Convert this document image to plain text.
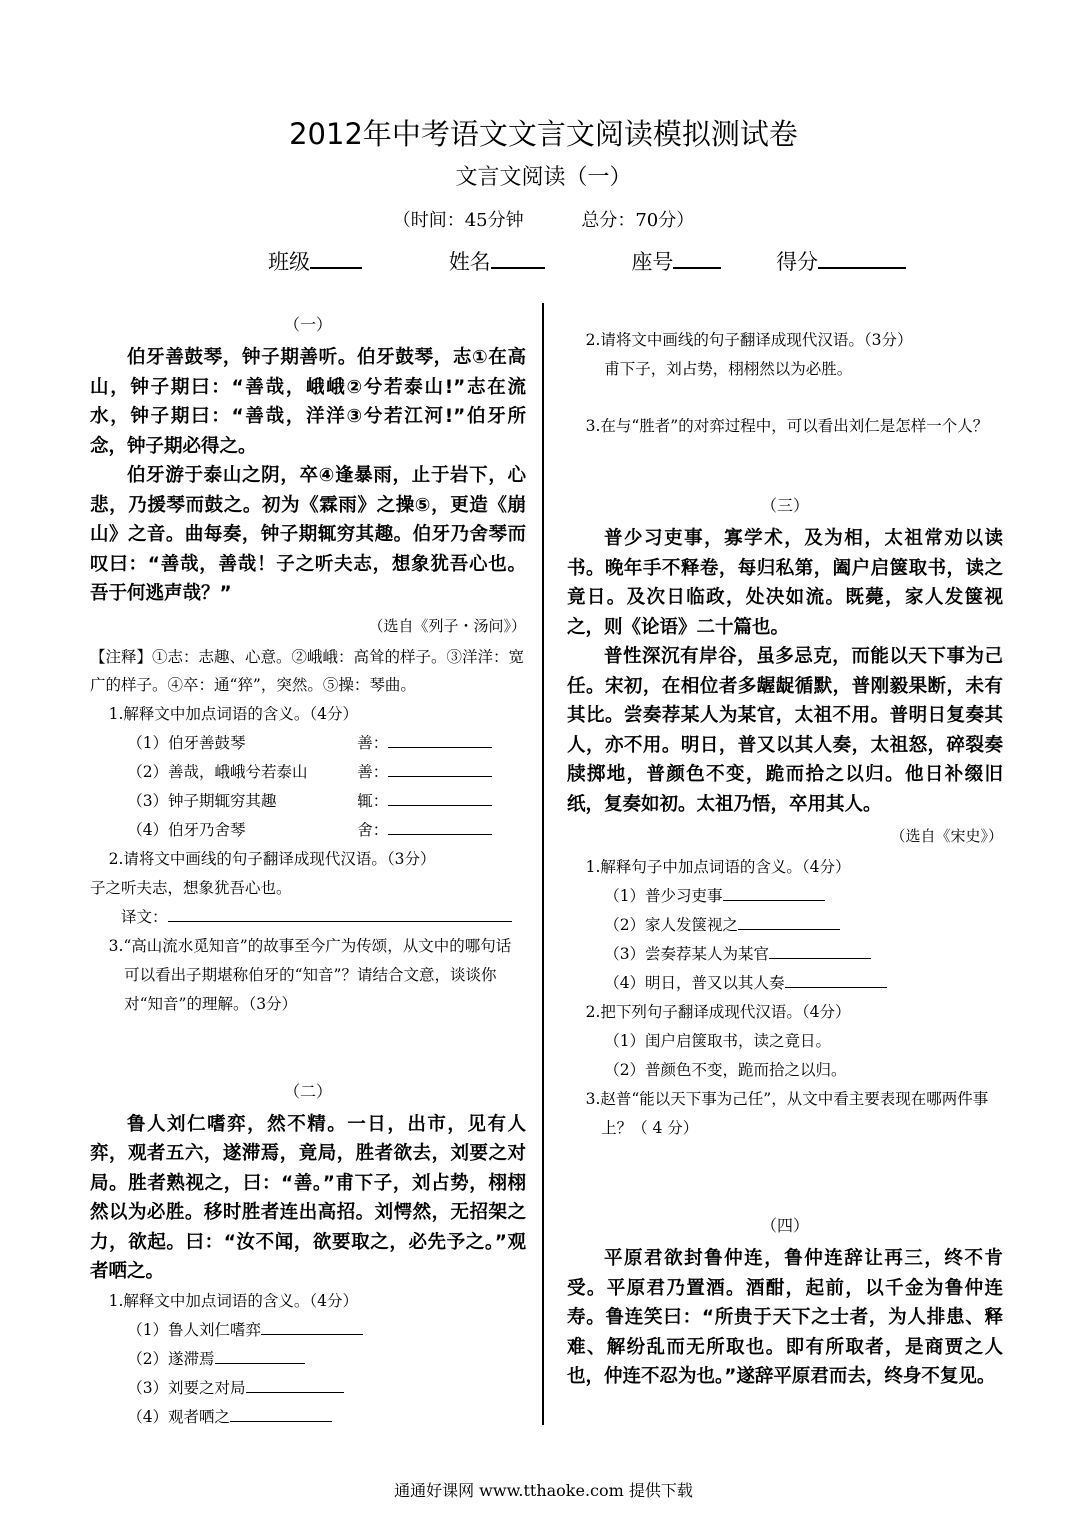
2012年中考语文文言文阅读模拟测试卷
文言文阅读（一）
（时间：45分钟	总分：70分）
班级	姓名	座号	得分
（一）

伯牙善鼓琴，钟子期善听。伯牙鼓琴，志①在高山，钟子期曰：“善哉，峨峨②兮若泰山!”志在流水，钟子期曰：“善哉，洋洋③兮若江河!”伯牙所念，钟子期必得之。

伯牙游于泰山之阴，卒④逢暴雨，止于岩下，心悲，乃援琴而鼓之。初为《霖雨》之操⑤，更造《崩山》之音。曲每奏，钟子期辄穷其趣。伯牙乃舍琴而叹曰：“善哉，善哉！子之听夫志，想象犹吾心也。吾于何逃声哉？”

（选自《列子・汤问》）

【注释】①志：志趣、心意。②峨峨：高耸的样子。③洋洋：宽广的样子。④卒：通“猝”，突然。⑤操：琴曲。

1.解释文中加点词语的含义。（4分）

（1）伯牙善鼓琴	善：
（2）善哉，峨峨兮若泰山	善：
（3）钟子期辄穷其趣	辄：
（4）伯牙乃舍琴	舍：

2.请将文中画线的句子翻译成现代汉语。（3分）

子之听夫志，想象犹吾心也。

译文：

3.“高山流水觅知音”的故事至今广为传颂，从文中的哪句话可以看出子期堪称伯牙的“知音”？请结合文意，谈谈你对“知音”的理解。（3分）

（二）

鲁人刘仁嗜弈，然不精。一日，出市，见有人弈，观者五六，遂滞焉，竟局，胜者欲去，刘要之对局。胜者熟视之，曰：“善。”甫下子，刘占势，栩栩然以为必胜。移时胜者连出高招。刘愕然，无招架之力，欲起。曰：“汝不闻，欲要取之，必先予之。”观者哂之。

1.解释文中加点词语的含义。（4分）

（1）鲁人刘仁嗜弈

（2）遂滞焉

（3）刘要之对局

（4）观者哂之

2.请将文中画线的句子翻译成现代汉语。（3分）

甫下子，刘占势，栩栩然以为必胜。

3.在与“胜者”的对弈过程中，可以看出刘仁是怎样一个人？

（三）

普少习吏事，寡学术，及为相，太祖常劝以读书。晚年手不释卷，每归私第，阖户启箧取书，读之竟日。及次日临政，处决如流。既薨，家人发箧视之，则《论语》二十篇也。

普性深沉有岸谷，虽多忌克，而能以天下事为己任。宋初，在相位者多龌龊循默，普刚毅果断，未有其比。尝奏荐某人为某官，太祖不用。普明日复奏其人，亦不用。明日，普又以其人奏，太祖怒，碎裂奏牍掷地，普颜色不变，跪而拾之以归。他日补缀旧纸，复奏如初。太祖乃悟，卒用其人。

（选自《宋史》）

1.解释句子中加点词语的含义。（4分）

（1）普少习吏事

（2）家人发箧视之

（3）尝奏荐某人为某官

（4）明日，普又以其人奏

2.把下列句子翻译成现代汉语。（4分）

（1）闺户启箧取书，读之竟日。

（2）普颜色不变，跪而拾之以归。

3.赵普“能以天下事为己任”，从文中看主要表现在哪两件事上？（ 4 分）

（四）

平原君欲封鲁仲连，鲁仲连辞让再三，终不肯受。平原君乃置酒。酒酣，起前，以千金为鲁仲连寿。鲁连笑曰：“所贵于天下之士者，为人排患、释难、解纷乱而无所取也。即有所取者，是商贾之人也，仲连不忍为也。”遂辞平原君而去，终身不复见。

通通好课网 www.tthaoke.com 提供下载
